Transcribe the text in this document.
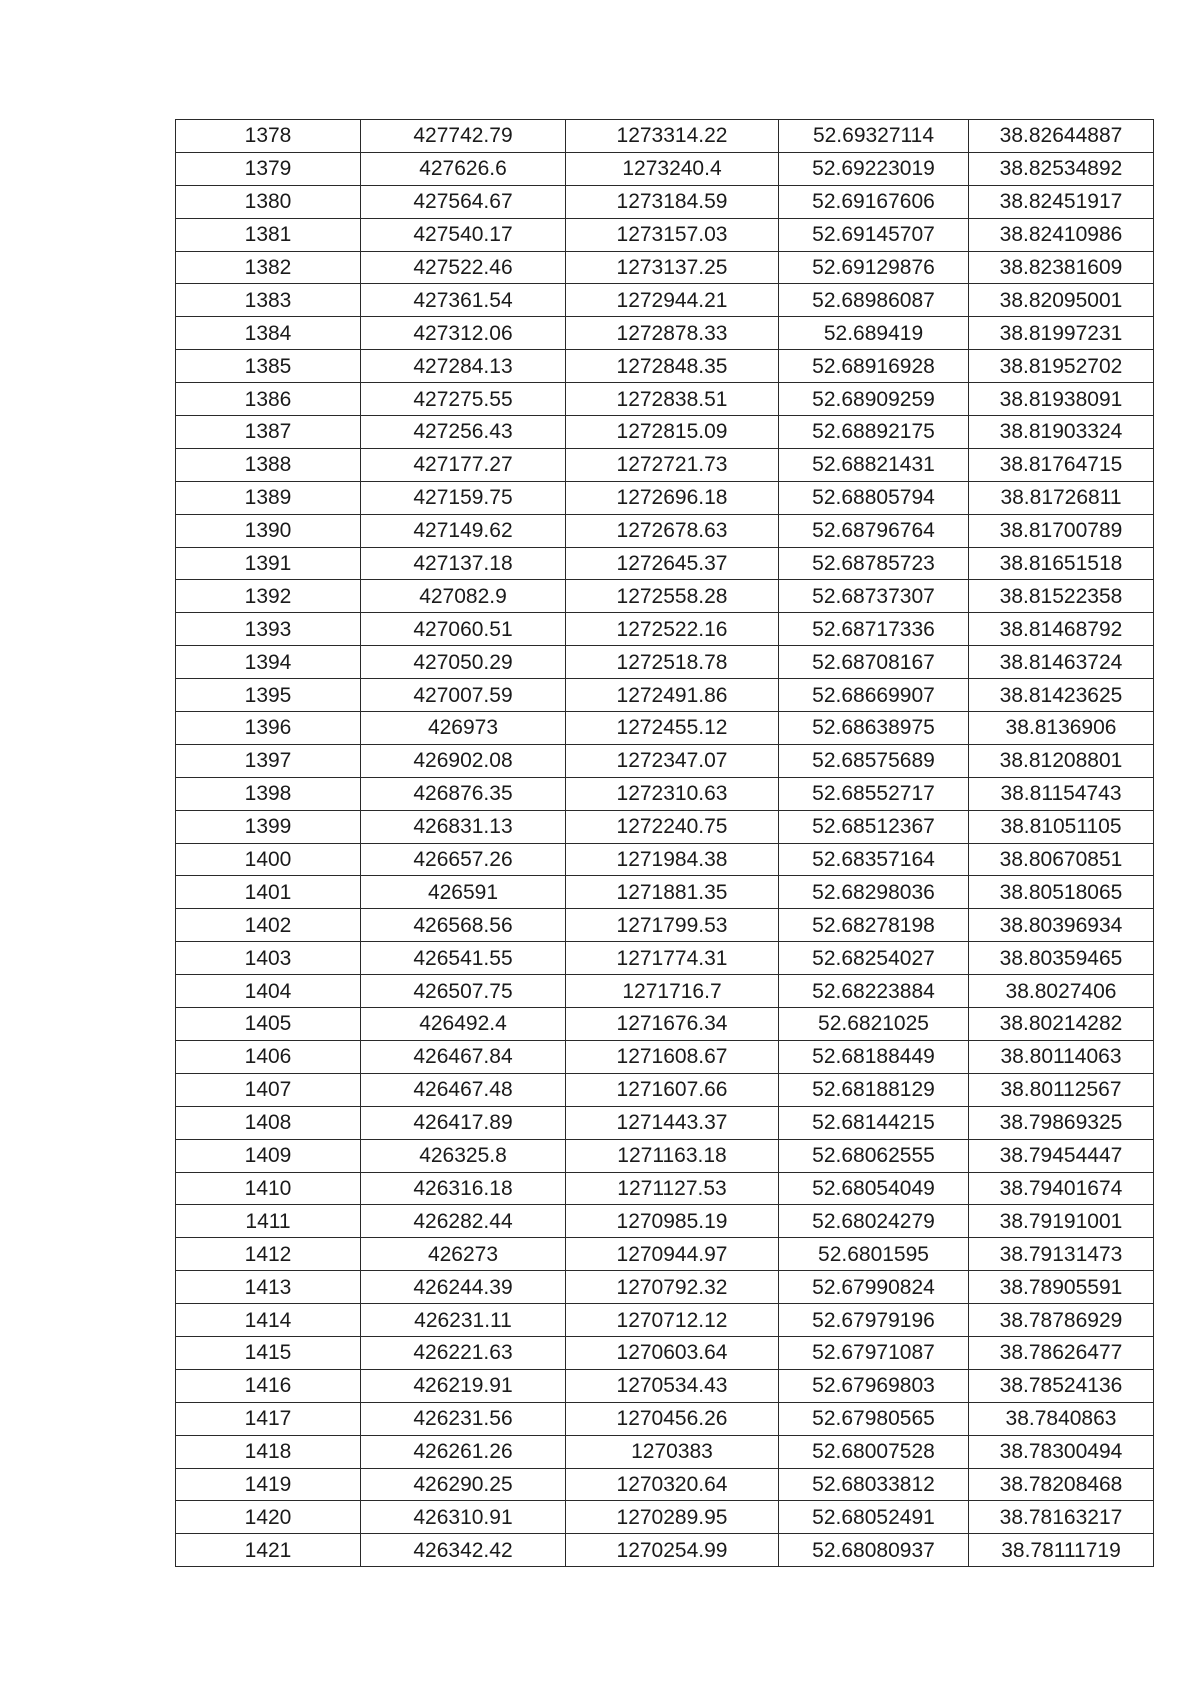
1378	427742.79	1273314.22	52.69327114	38.82644887
1379	427626.6	1273240.4	52.69223019	38.82534892
1380	427564.67	1273184.59	52.69167606	38.82451917
1381	427540.17	1273157.03	52.69145707	38.82410986
1382	427522.46	1273137.25	52.69129876	38.82381609
1383	427361.54	1272944.21	52.68986087	38.82095001
1384	427312.06	1272878.33	52.689419	38.81997231
1385	427284.13	1272848.35	52.68916928	38.81952702
1386	427275.55	1272838.51	52.68909259	38.81938091
1387	427256.43	1272815.09	52.68892175	38.81903324
1388	427177.27	1272721.73	52.68821431	38.81764715
1389	427159.75	1272696.18	52.68805794	38.81726811
1390	427149.62	1272678.63	52.68796764	38.81700789
1391	427137.18	1272645.37	52.68785723	38.81651518
1392	427082.9	1272558.28	52.68737307	38.81522358
1393	427060.51	1272522.16	52.68717336	38.81468792
1394	427050.29	1272518.78	52.68708167	38.81463724
1395	427007.59	1272491.86	52.68669907	38.81423625
1396	426973	1272455.12	52.68638975	38.8136906
1397	426902.08	1272347.07	52.68575689	38.81208801
1398	426876.35	1272310.63	52.68552717	38.81154743
1399	426831.13	1272240.75	52.68512367	38.81051105
1400	426657.26	1271984.38	52.68357164	38.80670851
1401	426591	1271881.35	52.68298036	38.80518065
1402	426568.56	1271799.53	52.68278198	38.80396934
1403	426541.55	1271774.31	52.68254027	38.80359465
1404	426507.75	1271716.7	52.68223884	38.8027406
1405	426492.4	1271676.34	52.6821025	38.80214282
1406	426467.84	1271608.67	52.68188449	38.80114063
1407	426467.48	1271607.66	52.68188129	38.80112567
1408	426417.89	1271443.37	52.68144215	38.79869325
1409	426325.8	1271163.18	52.68062555	38.79454447
1410	426316.18	1271127.53	52.68054049	38.79401674
1411	426282.44	1270985.19	52.68024279	38.79191001
1412	426273	1270944.97	52.6801595	38.79131473
1413	426244.39	1270792.32	52.67990824	38.78905591
1414	426231.11	1270712.12	52.67979196	38.78786929
1415	426221.63	1270603.64	52.67971087	38.78626477
1416	426219.91	1270534.43	52.67969803	38.78524136
1417	426231.56	1270456.26	52.67980565	38.7840863
1418	426261.26	1270383	52.68007528	38.78300494
1419	426290.25	1270320.64	52.68033812	38.78208468
1420	426310.91	1270289.95	52.68052491	38.78163217
1421	426342.42	1270254.99	52.68080937	38.78111719
